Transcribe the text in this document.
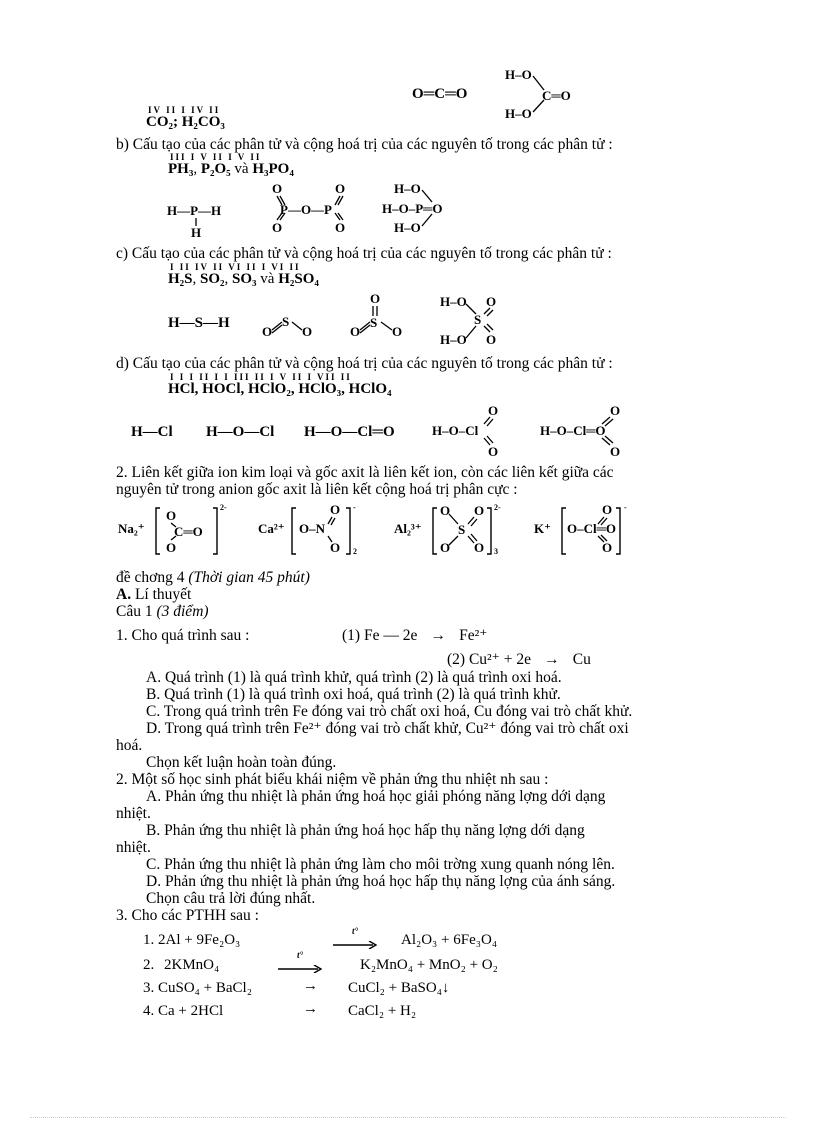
IV II I IV II
CO₂; H₂CO₃
O═C═O
H–O
H–O
C═O
b) Cấu tạo của các phân tử và cộng hoá trị của các nguyên tố trong các phân tử :
III I V II I V II
PH₃, P₂O₅ và H₃PO₄
H—P—H
H
O
O
P—O—P
O
O
H–O
H–O–P═O
H–O
c) Cấu tạo của các phân tử và cộng hoá trị của các nguyên tố trong các phân tử :
I II IV II VI II I VI II
H₂S, SO₂, SO₃ và H₂SO₄
H—S—H
O
S
O
O
S
O O
H–O O
S
H–O O
d) Cấu tạo của các phân tử và cộng hoá trị của các nguyên tố trong các phân tử :
I I I II I I III II I V II I VII II
HCl, HOCl, HClO₂, HClO₃, HClO₄
H—Cl H—O—Cl H—O—Cl═O	H–O–Cl
O
O
H–O–Cl═O
O
O
2. Liên kết giữa ion kim loại và gốc axit là liên kết ion, còn các liên kết giữa các
nguyên tử trong anion gốc axit là liên kết cộng hoá trị phân cực :
Na₂⁺
O
O
C═O
2-
Ca²⁺ O–N
O
O
-
2
Al₂³⁺
O O
S
O O
2-
3
K⁺ O–Cl═O
O
O
-
đề chơng 4 (Thời gian 45 phút)
A. Lí thuyết
Câu 1 (3 điểm)
1. Cho quá trình sau :	(1) Fe — 2e → Fe²⁺
(2) Cu²⁺ + 2e → Cu
A. Quá trình (1) là quá trình khử, quá trình (2) là quá trình oxi hoá.
B. Quá trình (1) là quá trình oxi hoá, quá trình (2) là quá trình khử.
C. Trong quá trình trên Fe đóng vai trò chất oxi hoá, Cu đóng vai trò chất khử.
D. Trong quá trình trên Fe²⁺ đóng vai trò chất khử, Cu²⁺ đóng vai trò chất oxi
hoá.
Chọn kết luận hoàn toàn đúng.
2. Một số học sinh phát biểu khái niệm về phản ứng thu nhiệt nh sau :
A. Phản ứng thu nhiệt là phản ứng hoá học giải phóng năng lợng dới dạng
nhiệt.
B. Phản ứng thu nhiệt là phản ứng hoá học hấp thụ năng lợng dới dạng
nhiệt.
C. Phản ứng thu nhiệt là phản ứng làm cho môi trờng xung quanh nóng lên.
D. Phản ứng thu nhiệt là phản ứng hoá học hấp thụ năng lợng của ánh sáng.
Chọn câu trả lời đúng nhất.
3. Cho các PTHH sau :
1. 2Al + 9Fe₂O₃
t°
Al₂O₃ + 6Fe₃O₄
2. 2KMnO₄
t°
K₂MnO₄ + MnO₂ + O₂
3. CuSO₄ + BaCl₂	→ CuCl₂ + BaSO₄↓
4. Ca + 2HCl	→ CaCl₂ + H₂
